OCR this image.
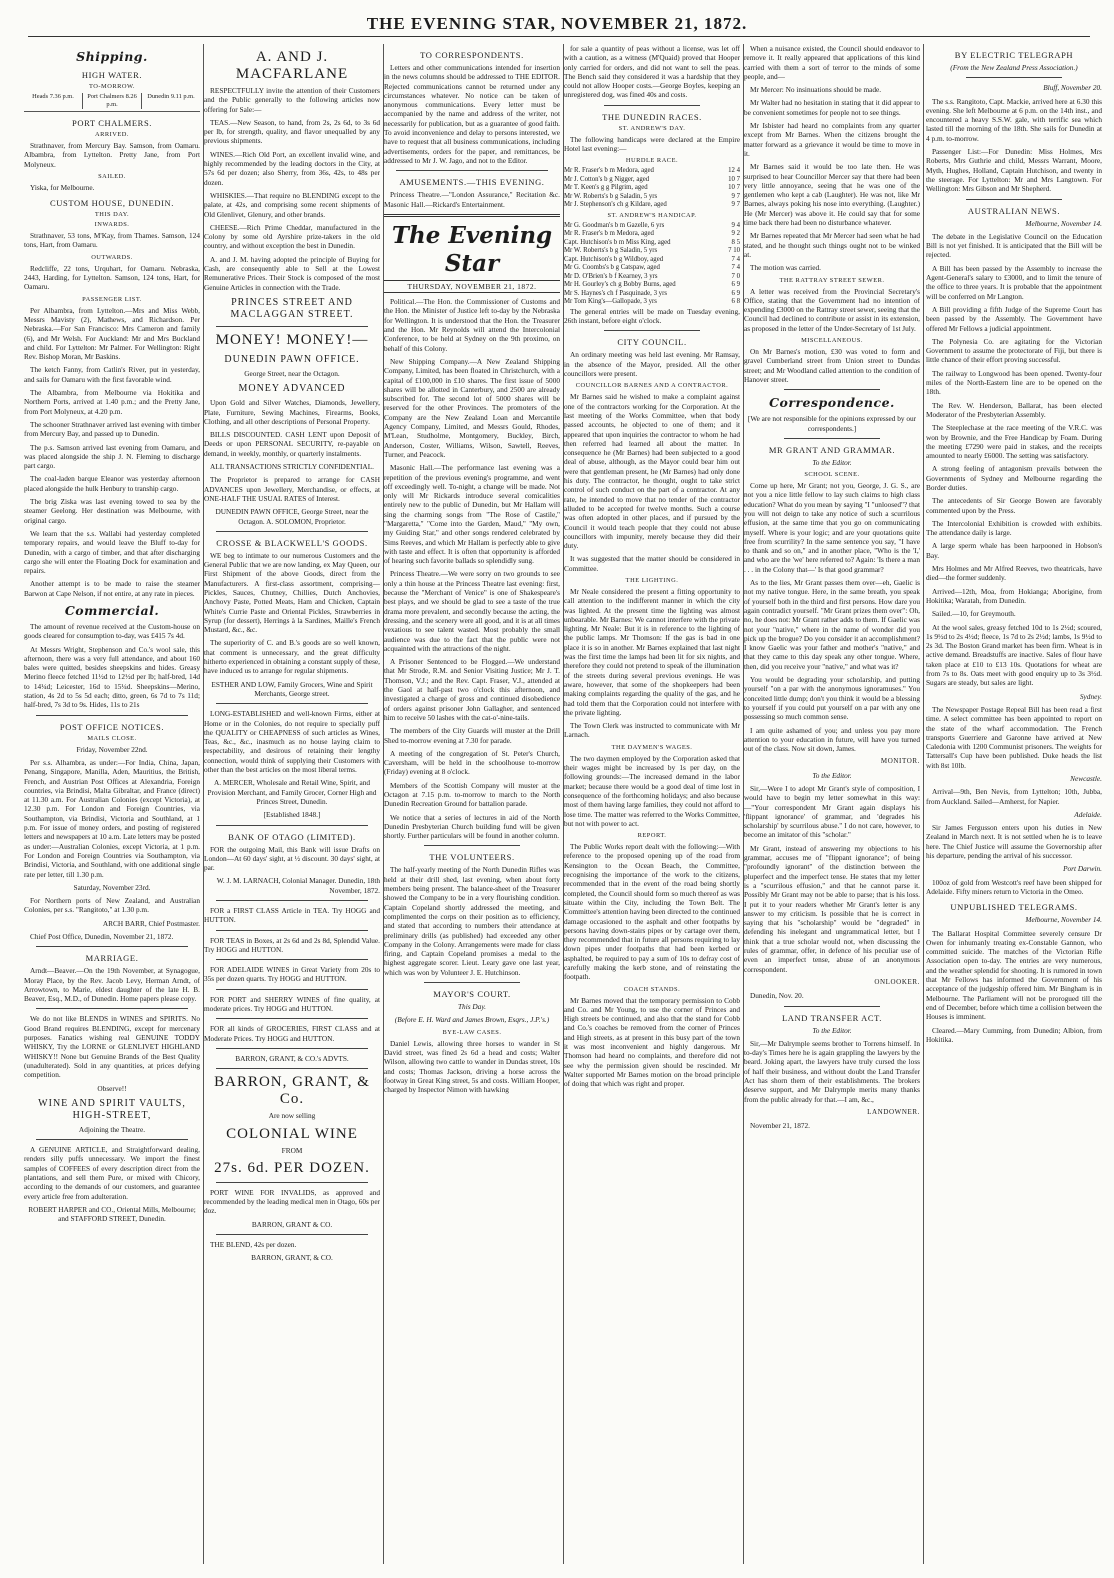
THE EVENING STAR, NOVEMBER 21, 1872.
Shipping.
HIGH WATER.
TO-MORROW.
Heads 7.36 p.m.	Port Chalmers 8.26 p.m.
Dunedin 9.11 p.m.
PORT CHALMERS.
ARRIVED.

Strathnaver, from Mercury Bay. Samson, from Oamaru. Albambra, from Lyttelton. Pretty Jane, from Port Molyneux.

SAILED.

Yiska, for Melbourne.

CUSTOM HOUSE, DUNEDIN.
THIS DAY.
INWARDS.

Strathnaver, 53 tons, M'Kay, from Thames. Samson, 124 tons, Hart, from Oamaru.

OUTWARDS.

Redcliffe, 22 tons, Urquhart, for Oamaru. Nebraska, 2443, Harding, for Lyttelton. Samson, 124 tons, Hart, for Oamaru.

PASSENGER LIST.

Per Albambra, from Lyttelton.—Mrs and Miss Webb, Messrs Mavisty (2), Mathews, and Richardson. Per Nebraska.—For San Francisco: Mrs Cameron and family (6), and Mr Welsh. For Auckland: Mr and Mrs Buckland and child. For Lyttelton: Mr Palmer. For Wellington: Right Rev. Bishop Moran, Mr Baskins.

The ketch Fanny, from Catlin's River, put in yesterday, and sails for Oamaru with the first favorable wind.

The Albambra, from Melbourne via Hokitika and Northern Ports, arrived at 1.40 p.m.; and the Pretty Jane, from Port Molyneux, at 4.20 p.m.

The schooner Strathnaver arrived last evening with timber from Mercury Bay, and passed up to Dunedin.

The p.s. Samson arrived last evening from Oamaru, and was placed alongside the ship J. N. Fleming to discharge part cargo.

The coal-laden barque Eleanor was yesterday afternoon placed alongside the hulk Henbury to tranship cargo.

The brig Ziska was last evening towed to sea by the steamer Geelong. Her destination was Melbourne, with original cargo.

We learn that the s.s. Wallabi had yesterday completed temporary repairs, and would leave the Bluff to-day for Dunedin, with a cargo of timber, and that after discharging cargo she will enter the Floating Dock for examination and repairs.

Another attempt is to be made to raise the steamer Barwon at Cape Nelson, if not entire, at any rate in pieces.

Commercial.

The amount of revenue received at the Custom-house on goods cleared for consumption to-day, was £415 7s 4d.

At Messrs Wright, Stephenson and Co.'s wool sale, this afternoon, there was a very full attendance, and about 160 bales were quitted, besides sheepskins and hides. Greasy Merino fleece fetched 11½d to 12½d per lb; half-bred, 14d to 14¼d; Leicester, 16d to 15¼d. Sheepskins—Merino, station, 4s 2d to 5s 5d each; ditto, green, 6s 7d to 7s 11d; half-bred, 7s 3d to 9s. Hides, 11s to 21s

POST OFFICE NOTICES.
MAILS CLOSE.

Friday, November 22nd.

Per s.s. Alhambra, as under:—For India, China, Japan, Penang, Singapore, Manilla, Aden, Mauritius, the British, French, and Austrian Post Offices at Alexandria, Foreign countries, via Brindisi, Malta Gibraltar, and France (direct) at 11.30 a.m. For Australian Colonies (except Victoria), at 12.30 p.m. For London and Foreign Countries, via Southampton, via Brindisi, Victoria and Southland, at 1 p.m. For issue of money orders, and posting of registered letters and newspapers at 10 a.m. Late letters may be posted as under:—Australian Colonies, except Victoria, at 1 p.m. For London and Foreign Countries via Southampton, via Brindisi, Victoria, and Southland, with one additional single rate per letter, till 1.30 p.m.

Saturday, November 23rd.

For Northern ports of New Zealand, and Australian Colonies, per s.s. "Rangitoto," at 1.30 p.m.

ARCH BARR, Chief Postmaster.

Chief Post Office, Dunedin, November 21, 1872.

MARRIAGE.

Arndt—Beaver.—On the 19th November, at Synagogue, Moray Place, by the Rev. Jacob Levy, Herman Arndt, of Arrowtown, to Marie, eldest daughter of the late H. B. Beaver, Esq., M.D., of Dunedin. Home papers please copy.

We do not like BLENDS in WINES and SPIRITS. No Good Brand requires BLENDING, except for mercenary purposes. Fanatics wishing real GENUINE TODDY WHISKY, Try the LORNE or GLENLIVET HIGHLAND WHISKY!! None but Genuine Brands of the Best Quality (unadulterated). Sold in any quantities, at prices defying competition.

Observe!!

WINE AND SPIRIT VAULTS, HIGH-STREET,

Adjoining the Theatre.

A GENUINE ARTICLE, and Straightforward dealing, renders silly puffs unnecessary. We import the finest samples of COFFEES of every description direct from the plantations, and sell them Pure, or mixed with Chicory, according to the demands of our customers, and guarantee every article free from adulteration.

ROBERT HARPER and CO., Oriental Mills, Melbourne; and STAFFORD STREET, Dunedin.

A. AND J. MACFARLANE

RESPECTFULLY invite the attention of their Customers and the Public generally to the following articles now offering for Sale:—

TEAS.—New Season, to hand, from 2s, 2s 6d, to 3s 6d per lb, for strength, quality, and flavor unequalled by any previous shipments.

WINES.—Rich Old Port, an excellent invalid wine, and highly recommended by the leading doctors in the City, at 57s 6d per dozen; also Sherry, from 36s, 42s, to 48s per dozen.

WHISKIES.—That require no BLENDING except to the palate, at 42s, and comprising some recent shipments of Old Glenlivet, Glenury, and other brands.

CHEESE.—Rich Prime Cheddar, manufactured in the Colony by some old Ayrshire prize-takers in the old country, and without exception the best in Dunedin.

A. and J. M. having adopted the principle of Buying for Cash, are consequently able to Sell at the Lowest Remunerative Prices. Their Stock is composed of the most Genuine Articles in connection with the Trade.

PRINCES STREET AND MACLAGGAN STREET.
MONEY! MONEY!—
DUNEDIN PAWN OFFICE.

George Street, near the Octagon.

MONEY ADVANCED

Upon Gold and Silver Watches, Diamonds, Jewellery, Plate, Furniture, Sewing Machines, Firearms, Books, Clothing, and all other descriptions of Personal Property.

BILLS DISCOUNTED. CASH LENT upon Deposit of Deeds or upon PERSONAL SECURITY, re-payable on demand, in weekly, monthly, or quarterly instalments.

ALL TRANSACTIONS STRICTLY CONFIDENTIAL.

The Proprietor is prepared to arrange for CASH ADVANCES upon Jewellery, Merchandise, or effects, at ONE-HALF THE USUAL RATES of Interest.

DUNEDIN PAWN OFFICE, George Street, near the Octagon. A. SOLOMON, Proprietor.

CROSSE & BLACKWELL'S GOODS.

WE beg to intimate to our numerous Customers and the General Public that we are now landing, ex May Queen, our First Shipment of the above Goods, direct from the Manufacturers. A first-class assortment, comprising—Pickles, Sauces, Chutney, Chillies, Dutch Anchovies, Anchovy Paste, Potted Meats, Ham and Chicken, Captain White's Currie Paste and Oriental Pickles, Strawberries in Syrup (for dessert), Herrings à la Sardines, Maille's French Mustard, &c., &c.

The superiority of C. and B.'s goods are so well known, that comment is unnecessary, and the great difficulty hitherto experienced in obtaining a constant supply of these, have induced us to arrange for regular shipments.

ESTHER AND LOW, Family Grocers, Wine and Spirit Merchants, George street.

LONG-ESTABLISHED and well-known Firms, either at Home or in the Colonies, do not require to specially puff the QUALITY or CHEAPNESS of such articles as Wines, Teas, &c., &c., inasmuch as no house laying claim to respectability, and desirous of retaining their lengthy connection, would think of supplying their Customers with other than the best articles on the most liberal terms.

A. MERCER, Wholesale and Retail Wine, Spirit, and Provision Merchant, and Family Grocer, Corner High and Princes Street, Dunedin.

[Established 1848.]

BANK OF OTAGO (LIMITED).

FOR the outgoing Mail, this Bank will issue Drafts on London—At 60 days' sight, at ½ discount. 30 days' sight, at par.

W. J. M. LARNACH, Colonial Manager. Dunedin, 18th November, 1872.

FOR a FIRST CLASS Article in TEA. Try HOGG and HUTTON.

FOR TEAS in Boxes, at 2s 6d and 2s 8d, Splendid Value. Try HOGG and HUTTON.

FOR ADELAIDE WINES in Great Variety from 20s to 35s per dozen quarts. Try HOGG and HUTTON.

FOR PORT and SHERRY WINES of fine quality, at moderate prices. Try HOGG and HUTTON.

FOR all kinds of GROCERIES, FIRST CLASS and at Moderate Prices. Try HOGG and HUTTON.

BARRON, GRANT, & CO.'s ADVTS.

BARRON, GRANT, & Co.

Are now selling

COLONIAL WINE

FROM

27s. 6d. PER DOZEN.

PORT WINE FOR INVALIDS, as approved and recommended by the leading medical men in Otago, 60s per doz.

BARRON, GRANT & CO.

THE BLEND, 42s per dozen.

BARRON, GRANT, & CO.

TO CORRESPONDENTS.

Letters and other communications intended for insertion in the news columns should be addressed to THE EDITOR. Rejected communications cannot be returned under any circumstances whatever. No notice can be taken of anonymous communications. Every letter must be accompanied by the name and address of the writer, not necessarily for publication, but as a guarantee of good faith. To avoid inconvenience and delay to persons interested, we have to request that all business communications, including advertisements, orders for the paper, and remittances, be addressed to Mr J. W. Jago, and not to the Editor.

AMUSEMENTS.—THIS EVENING.

Princess Theatre.—"London Assurance," Recitation &c. Masonic Hall.—Rickard's Entertainment.

The Evening Star
THURSDAY, NOVEMBER 21, 1872.

Political.—The Hon. the Commissioner of Customs and the Hon. the Minister of Justice left to-day by the Nebraska for Wellington. It is understood that the Hon. the Treasurer and the Hon. Mr Reynolds will attend the Intercolonial Conference, to be held at Sydney on the 9th proximo, on behalf of this Colony.

New Shipping Company.—A New Zealand Shipping Company, Limited, has been floated in Christchurch, with a capital of £100,000 in £10 shares. The first issue of 5000 shares will be allotted in Canterbury, and 2500 are already subscribed for. The second lot of 5000 shares will be reserved for the other Provinces. The promoters of the Company are the New Zealand Loan and Mercantile Agency Company, Limited, and Messrs Gould, Rhodes, M'Lean, Studholme, Montgomery, Buckley, Birch, Anderson, Coster, Williams, Wilson, Sawtell, Reeves, Turner, and Peacock.

Masonic Hall.—The performance last evening was a repetition of the previous evening's programme, and went off exceedingly well. To-night, a change will be made. Not only will Mr Rickards introduce several comicalities entirely new to the public of Dunedin, but Mr Hallam will sing the charming songs from "The Rose of Castile," "Margaretta," "Come into the Garden, Maud," "My own, my Guiding Star," and other songs rendered celebrated by Sims Reeves, and which Mr Hallam is perfectly able to give with taste and effect. It is often that opportunity is afforded of hearing such favorite ballads so splendidly sung.

Princess Theatre.—We were sorry on two grounds to see only a thin house at the Princess Theatre last evening: first, because the "Merchant of Venice" is one of Shakespeare's best plays, and we should be glad to see a taste of the true drama more prevalent, and secondly because the acting, the dressing, and the scenery were all good, and it is at all times vexatious to see talent wasted. Most probably the small audience was due to the fact that the public were not acquainted with the attractions of the night.

A Prisoner Sentenced to be Flogged.—We understand that Mr Strode, R.M. and Senior Visiting Justice; Mr J. T. Thomson, V.J.; and the Rev. Capt. Fraser, V.J., attended at the Gaol at half-past two o'clock this afternoon, and investigated a charge of gross and continued disobedience of orders against prisoner John Gallagher, and sentenced him to receive 50 lashes with the cat-o'-nine-tails.

The members of the City Guards will muster at the Drill Shed to-morrow evening at 7.30 for parade.

A meeting of the congregation of St. Peter's Church, Caversham, will be held in the schoolhouse to-morrow (Friday) evening at 8 o'clock.

Members of the Scottish Company will muster at the Octagon at 7.15 p.m. to-morrow to march to the North Dunedin Recreation Ground for battalion parade.

We notice that a series of lectures in aid of the North Dunedin Presbyterian Church building fund will be given shortly. Further particulars will be found in another column.

THE VOLUNTEERS.

The half-yearly meeting of the North Dunedin Rifles was held at their drill shed, last evening, when about forty members being present. The balance-sheet of the Treasurer showed the Company to be in a very flourishing condition. Captain Copeland shortly addressed the meeting, and complimented the corps on their position as to efficiency, and stated that according to numbers their attendance at preliminary drills (as published) had exceeded any other Company in the Colony. Arrangements were made for class firing, and Captain Copeland promises a medal to the highest aggregate scorer. Lieut. Leary gave one last year, which was won by Volunteer J. E. Hutchinson.

MAYOR'S COURT.

This Day.

(Before E. H. Ward and James Brown, Esqrs., J.P.'s.)

BYE-LAW CASES.

Daniel Lewis, allowing three horses to wander in St David street, was fined 2s 6d a head and costs; Walter Wilson, allowing two cattle to wander in Dundas street, 10s and costs; Thomas Jackson, driving a horse across the footway in Great King street, 5s and costs. William Hooper, charged by Inspector Nimon with hawking

for sale a quantity of peas without a license, was let off with a caution, as a witness (M'Quaid) proved that Hooper only carried for orders, and did not want to sell the peas. The Bench said they considered it was a hardship that they could not allow Hooper costs.—George Boyles, keeping an unregistered dog, was fined 40s and costs.

THE DUNEDIN RACES.
ST. ANDREW'S DAY.

The following handicaps were declared at the Empire Hotel last evening:—

HURDLE RACE.
Mr R. Fraser's b m Medora, aged	12 4
Mr J. Cotton's b g Nigger, aged	10 7
Mr T. Keen's g g Pilgrim, aged	10 7
Mr W. Roberts's b g Saladin, 5 yrs	9 7
Mr J. Stephenson's ch g Kildare, aged	9 7
ST. ANDREW'S HANDICAP.
Mr G. Goodman's b m Gazelle, 6 yrs	9 4
Mr R. Fraser's b m Medora, aged	9 2
Capt. Hutchison's b m Miss King, aged	8 5
Mr W. Roberts's b g Saladin, 5 yrs	7 10
Capt. Hutchison's b g Wildboy, aged	7 4
Mr G. Coombs's b g Catspaw, aged	7 4
Mr D. O'Brien's b f Kearney, 3 yrs	7 0
Mr H. Gourley's ch g Bobby Burns, aged	6 9
Mr S. Haynes's ch f Pasquinade, 3 yrs	6 9
Mr Tom King's—Gallopade, 3 yrs	6 8

The general entries will be made on Tuesday evening, 26th instant, before eight o'clock.

CITY COUNCIL.

An ordinary meeting was held last evening. Mr Ramsay, in the absence of the Mayor, presided. All the other councillors were present.

COUNCILLOR BARNES AND A CONTRACTOR.

Mr Barnes said he wished to make a complaint against one of the contractors working for the Corporation. At the last meeting of the Works Committee, when that body passed accounts, he objected to one of them; and it appeared that upon inquiries the contractor to whom he had then referred had learned all about the matter. In consequence he (Mr Barnes) had been subjected to a good deal of abuse, although, as the Mayor could bear him out were that gentleman present, he (Mr Barnes) had only done his duty. The contractor, he thought, ought to take strict control of such conduct on the part of a contractor. At any rate, he intended to move that no tender of the contractor alluded to be accepted for twelve months. Such a course was often adopted in other places, and if pursued by the Council it would teach people that they could not abuse councillors with impunity, merely because they did their duty.

It was suggested that the matter should be considered in Committee.

THE LIGHTING.

Mr Neale considered the present a fitting opportunity to call attention to the indifferent manner in which the city was lighted. At the present time the lighting was almost unbearable. Mr Barnes: We cannot interfere with the private lighting. Mr Neale: But it is in reference to the lighting of the public lamps. Mr Thomson: If the gas is bad in one place it is so in another. Mr Barnes explained that last night was the first time the lamps had been lit for six nights, and therefore they could not pretend to speak of the illumination of the streets during several previous evenings. He was aware, however, that some of the shopkeepers had been making complaints regarding the quality of the gas, and he had told them that the Corporation could not interfere with the private lighting.

The Town Clerk was instructed to communicate with Mr Larnach.

THE DAYMEN'S WAGES.

The two daymen employed by the Corporation asked that their wages might be increased by 1s per day, on the following grounds:—The increased demand in the labor market; because there would be a good deal of time lost in consequence of the forthcoming holidays; and also because most of them having large families, they could not afford to lose time. The matter was referred to the Works Committee, but not with power to act.

REPORT.

The Public Works report dealt with the following:—With reference to the proposed opening up of the road from Kensington to the Ocean Beach, the Committee, recognising the importance of the work to the citizens, recommended that in the event of the road being shortly completed, the Council should form so much thereof as was situate within the City, including the Town Belt. The Committee's attention having been directed to the continued damage occasioned to the asphalt and other footpaths by persons having down-stairs pipes or by cartage over them, they recommended that in future all persons requiring to lay down pipes under footpaths that had been kerbed or asphalted, be required to pay a sum of 10s to defray cost of carefully making the kerb stone, and of reinstating the footpath.

COACH STANDS.

Mr Barnes moved that the temporary permission to Cobb and Co. and Mr Young, to use the corner of Princes and High streets be continued, and also that the stand for Cobb and Co.'s coaches be removed from the corner of Princes and High streets, as at present in this busy part of the town it was most inconvenient and highly dangerous. Mr Thomson had heard no complaints, and therefore did not see why the permission given should be rescinded. Mr Walter supported Mr Barnes motion on the broad principle of doing that which was right and proper.

When a nuisance existed, the Council should endeavor to remove it. It really appeared that applications of this kind carried with them a sort of terror to the minds of some people, and—

Mr Mercer: No insinuations should be made.

Mr Walter had no hesitation in stating that it did appear to be convenient sometimes for people not to see things.

Mr Isbister had heard no complaints from any quarter except from Mr Barnes. When the citizens brought the matter forward as a grievance it would be time to move in it.

Mr Barnes said it would be too late then. He was surprised to hear Councillor Mercer say that there had been very little annoyance, seeing that he was one of the gentlemen who kept a cab (Laughter). He was not, like Mr Barnes, always poking his nose into everything. (Laughter.) He (Mr Mercer) was above it. He could say that for some time back there had been no disturbance whatever.

Mr Barnes repeated that Mr Mercer had seen what he had stated, and he thought such things ought not to be winked at.

The motion was carried.

THE RATTRAY STREET SEWER.

A letter was received from the Provincial Secretary's Office, stating that the Government had no intention of expending £3000 on the Rattray street sewer, seeing that the Council had declined to contribute or assist in its extension, as proposed in the letter of the Under-Secretary of 1st July.

MISCELLANEOUS.

On Mr Barnes's motion, £30 was voted to form and gravel Cumberland street from Union street to Dundas street; and Mr Woodland called attention to the condition of Hanover street.

Correspondence.

[We are not responsible for the opinions expressed by our correspondents.]

MR GRANT AND GRAMMAR.

To the Editor.

SCHOOL SCENE.

Come up here, Mr Grant; not you, George, J. G. S., are not you a nice little fellow to lay such claims to high class education? What do you mean by saying "I "unloosed"? that you will not deign to take any notice of such a scurrilous effusion, at the same time that you go on communicating myself. Where is your logic; and are your quotations quite free from scurrility? In the same sentence you say, "I have to thank and so on," and in another place, "Who is the 'I,' and who are the 'we' here referred to? Again: 'Is there a man . . . in the Colony that—' Is that good grammar?

As to the lies, Mr Grant passes them over—eh, Gaelic is not my native tongue. Here, in the same breath, you speak of yourself both in the third and first persons. How dare you again contradict yourself. "Mr Grant prizes them over": Oh, no, he does not: Mr Grant rather adds to them. If Gaelic was not your "native," where in the name of wonder did you pick up the brogue? Do you consider it an accomplishment? I know Gaelic was your father and mother's "native," and that they came to this day speak any other tongue. Where, then, did you receive your "native," and what was it?

You would be degrading your scholarship, and putting yourself "on a par with the anonymous ignoramuses." You conceited little dump; don't you think it would be a blessing to yourself if you could put yourself on a par with any one possessing so much common sense.

I am quite ashamed of you; and unless you pay more attention to your education in future, will have you turned out of the class. Now sit down, James.

MONITOR.

To the Editor.

Sir,—Were I to adopt Mr Grant's style of composition, I would have to begin my letter somewhat in this way:—"Your correspondent Mr Grant again displays his 'flippant ignorance' of grammar, and 'degrades his scholarship' by scurrilous abuse." I do not care, however, to become an imitator of this "scholar."

Mr Grant, instead of answering my objections to his grammar, accuses me of "flippant ignorance"; of being "profoundly ignorant" of the distinction between the pluperfect and the imperfect tense. He states that my letter is a "scurrilous effusion," and that he cannot parse it. Possibly Mr Grant may not be able to parse; that is his loss. I put it to your readers whether Mr Grant's letter is any answer to my criticism. Is possible that he is correct in saying that his "scholarship" would be "degraded" in defending his inelegant and ungrammatical letter, but I think that a true scholar would not, when discussing the rules of grammar, offer, in defence of his peculiar use of even an imperfect tense, abuse of an anonymous correspondent.

ONLOOKER.

Dunedin, Nov. 20.

LAND TRANSFER ACT.

To the Editor.

Sir,—Mr Dalrymple seems brother to Torrens himself. In to-day's Times here he is again grappling the lawyers by the beard. Joking apart, the lawyers have truly cursed the loss of half their business, and without doubt the Land Transfer Act has shorn them of their establishments. The brokers deserve support, and Mr Dalrymple merits many thanks from the public already for that.—I am, &c.,

LANDOWNER.

November 21, 1872.

BY ELECTRIC TELEGRAPH

(From the New Zealand Press Association.)

Bluff, November 20.

The s.s. Rangitoto, Capt. Mackie, arrived here at 6.30 this evening. She left Melbourne at 6 p.m. on the 14th inst., and encountered a heavy S.S.W. gale, with terrific sea which lasted till the morning of the 18th. She sails for Dunedin at 4 p.m. to-morrow.

Passenger List:—For Dunedin: Miss Holmes, Mrs Roberts, Mrs Guthrie and child, Messrs Warrant, Moore, Myth, Hughes, Holland, Captain Hutchison, and twenty in the steerage. For Lyttelton: Mr and Mrs Langtown. For Wellington: Mrs Gibson and Mr Shepherd.

AUSTRALIAN NEWS.

Melbourne, November 14.

The debate in the Legislative Council on the Education Bill is not yet finished. It is anticipated that the Bill will be rejected.

A Bill has been passed by the Assembly to increase the Agent-General's salary to £3000, and to limit the tenure of the office to three years. It is probable that the appointment will be conferred on Mr Langton.

A Bill providing a fifth Judge of the Supreme Court has been passed by the Assembly. The Government have offered Mr Fellows a judicial appointment.

The Polynesia Co. are agitating for the Victorian Government to assume the protectorate of Fiji, but there is little chance of their effort proving successful.

The railway to Longwood has been opened. Twenty-four miles of the North-Eastern line are to be opened on the 18th.

The Rev. W. Henderson, Ballarat, has been elected Moderator of the Presbyterian Assembly.

The Steeplechase at the race meeting of the V.R.C. was won by Brownie, and the Free Handicap by Foam. During the meeting £7290 were paid in stakes, and the receipts amounted to nearly £6000. The setting was satisfactory.

A strong feeling of antagonism prevails between the Governments of Sydney and Melbourne regarding the Border duties.

The antecedents of Sir George Bowen are favorably commented upon by the Press.

The Intercolonial Exhibition is crowded with exhibits. The attendance daily is large.

A large sperm whale has been harpooned in Hobson's Bay.

Mrs Holmes and Mr Alfred Reeves, two theatricals, have died—the former suddenly.

Arrived—12th, Moa, from Hokianga; Aborigine, from Hokitika; Waratah, from Dunedin.

Sailed.—10, for Greymouth.

At the wool sales, greasy fetched 10d to 1s 2½d; scoured, 1s 9½d to 2s 4½d; fleece, 1s 7d to 2s 2½d; lambs, 1s 9½d to 2s 3d. The Boston Grand market has been firm. Wheat is in active demand. Breadstuffs are inactive. Sales of flour have taken place at £10 to £13 10s. Quotations for wheat are from 7s to 8s. Oats meet with good enquiry up to 3s 3½d. Sugars are steady, but sales are light.

Sydney.

The Newspaper Postage Repeal Bill has been read a first time. A select committee has been appointed to report on the state of the wharf accommodation. The French transports Guerriere and Garonne have arrived at New Caledonia with 1200 Communist prisoners. The weights for Tattersall's Cup have been published. Duke heads the list with 8st 10lb.

Newcastle.

Arrival—9th, Ben Nevis, from Lyttelton; 10th, Jubba, from Auckland. Sailed—Amherst, for Napier.

Adelaide.

Sir James Fergusson enters upon his duties in New Zealand in March next. It is not settled when he is to leave here. The Chief Justice will assume the Governorship after his departure, pending the arrival of his successor.

Port Darwin.

100oz of gold from Westcott's reef have been shipped for Adelaide. Fifty miners return to Victoria in the Omeo.

UNPUBLISHED TELEGRAMS.

Melbourne, November 14.

The Ballarat Hospital Committee severely censure Dr Owen for inhumanly treating ex-Constable Gannon, who committed suicide. The matches of the Victorian Rifle Association open to-day. The entries are very numerous, and the weather splendid for shooting. It is rumored in town that Mr Fellows has informed the Government of his acceptance of the judgeship offered him. Mr Bingham is in Melbourne. The Parliament will not be prorogued till the end of December, before which time a collision between the Houses is imminent.

Cleared.—Mary Cumming, from Dunedin; Albion, from Hokitika.
